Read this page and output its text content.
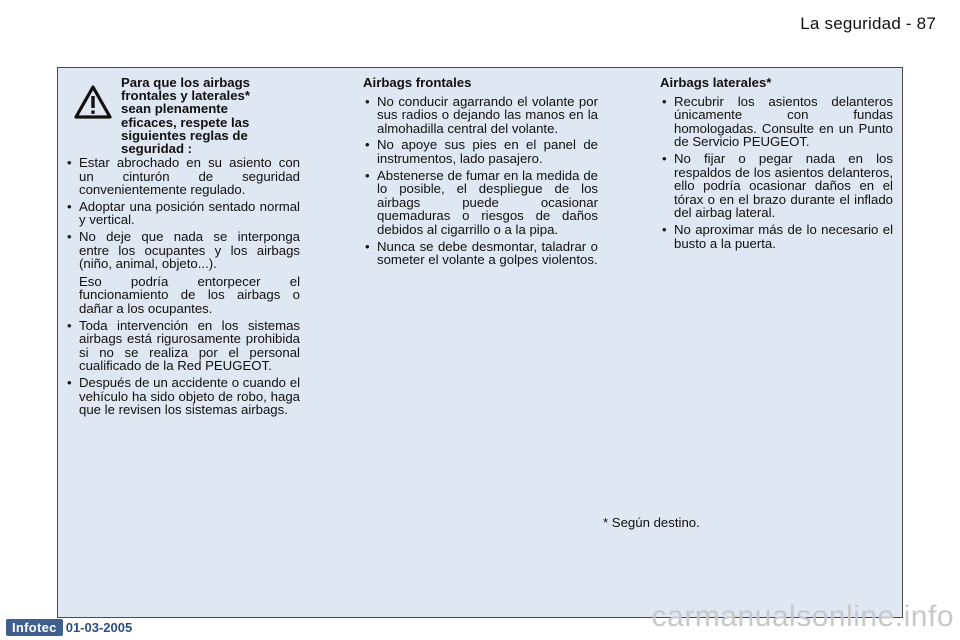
La seguridad - 87
Para que los airbags frontales y laterales* sean plenamente eficaces, respete las siguientes reglas de seguridad :
• Estar abrochado en su asiento con un cinturón de seguridad convenientemente regulado.
• Adoptar una posición sentado normal y vertical.
• No deje que nada se interponga entre los ocupantes y los airbags (niño, animal, objeto...).
Eso podría entorpecer el funcionamiento de los airbags o dañar a los ocupantes.
• Toda intervención en los sistemas airbags está rigurosamente prohibida si no se realiza por el personal cualificado de la Red PEUGEOT.
• Después de un accidente o cuando el vehículo ha sido objeto de robo, haga que le revisen los sistemas airbags.
Airbags frontales
• No conducir agarrando el volante por sus radios o dejando las manos en la almohadilla central del volante.
• No apoye sus pies en el panel de instrumentos, lado pasajero.
• Abstenerse de fumar en la medida de lo posible, el despliegue de los airbags puede ocasionar quemaduras o riesgos de daños debidos al cigarrillo o a la pipa.
• Nunca se debe desmontar, taladrar o someter el volante a golpes violentos.
Airbags laterales*
• Recubrir los asientos delanteros únicamente con fundas homologadas. Consulte en un Punto de Servicio PEUGEOT.
• No fijar o pegar nada en los respaldos de los asientos delanteros, ello podría ocasionar daños en el tórax o en el brazo durante el inflado del airbag lateral.
• No aproximar más de lo necesario el busto a la puerta.
* Según destino.
Infotec 01-03-2005	carmanualsonline.info
